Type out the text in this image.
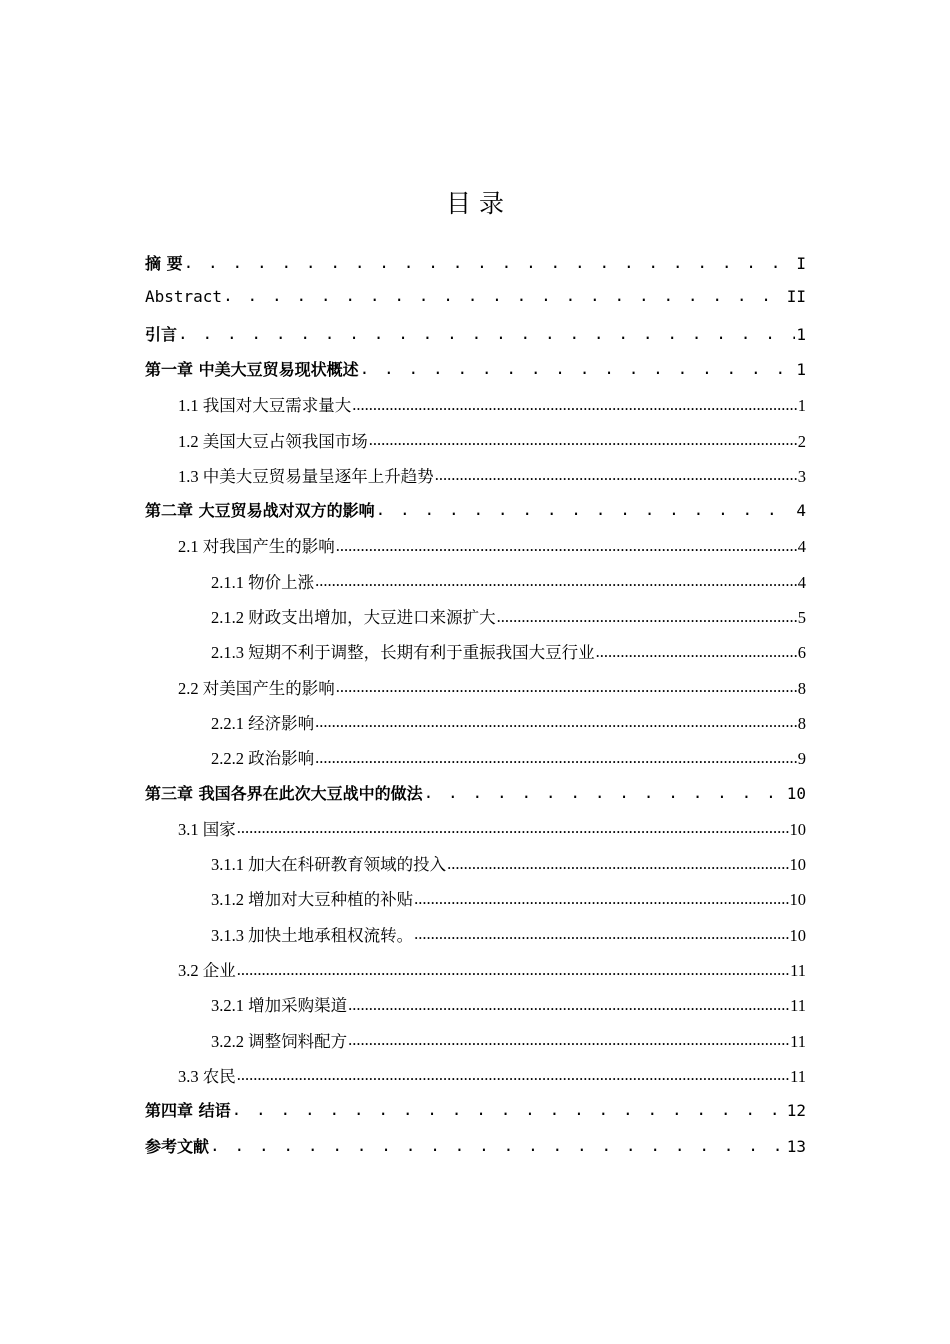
目 录
摘 要 . . .	I
Abstract . . .	II
引言 . . .	1
第一章 中美大豆贸易现状概述 . . .	1
1.1 我国对大豆需求量大 .....	1
1.2 美国大豆占领我国市场 .....	2
1.3 中美大豆贸易量呈逐年上升趋势 .....	3
第二章 大豆贸易战对双方的影响 . . .	4
2.1 对我国产生的影响 .....	4
2.1.1 物价上涨 .....	4
2.1.2 财政支出增加，大豆进口来源扩大 .....	5
2.1.3 短期不利于调整，长期有利于重振我国大豆行业 .....	6
2.2 对美国产生的影响 .....	8
2.2.1 经济影响 .....	8
2.2.2 政治影响 .....	9
第三章 我国各界在此次大豆战中的做法 . . .	10
3.1 国家 .....	10
3.1.1 加大在科研教育领域的投入 .....	10
3.1.2 增加对大豆种植的补贴 .....	10
3.1.3 加快土地承租权流转。 .....	10
3.2 企业 .....	11
3.2.1 增加采购渠道 .....	11
3.2.2 调整饲料配方 .....	11
3.3 农民 .....	11
第四章 结语 . . .	12
参考文献 . . .	13
